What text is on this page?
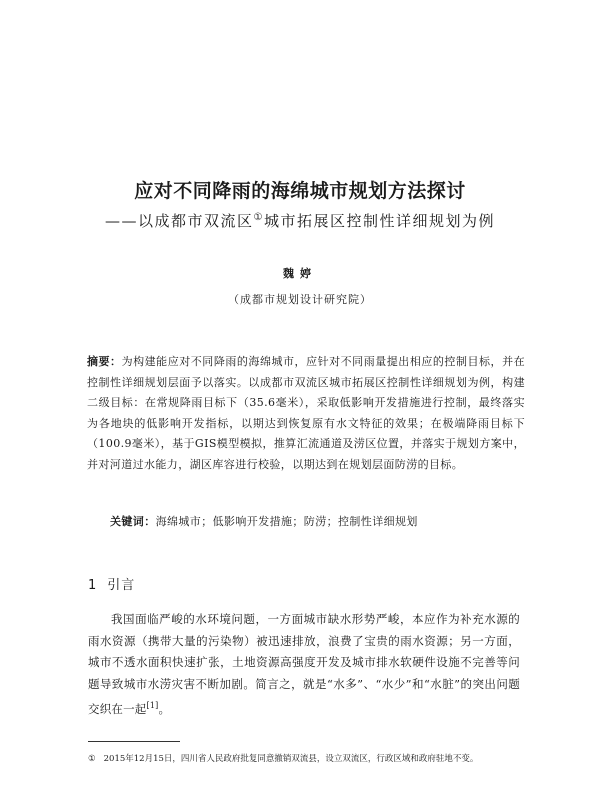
应对不同降雨的海绵城市规划方法探讨
——以成都市双流区①城市拓展区控制性详细规划为例
魏婷
（成都市规划设计研究院）

摘要：为构建能应对不同降雨的海绵城市，应针对不同雨量提出相应的控制目标，并在控制性详细规划层面予以落实。以成都市双流区城市拓展区控制性详细规划为例，构建二级目标：在常规降雨目标下（35.6毫米），采取低影响开发措施进行控制，最终落实为各地块的低影响开发指标，以期达到恢复原有水文特征的效果；在极端降雨目标下（100.9毫米），基于GIS模型模拟，推算汇流通道及涝区位置，并落实于规划方案中，并对河道过水能力，湖区库容进行校验，以期达到在规划层面防涝的目标。

关键词：海绵城市；低影响开发措施；防涝；控制性详细规划

1 引言

我国面临严峻的水环境问题，一方面城市缺水形势严峻，本应作为补充水源的雨水资源（携带大量的污染物）被迅速排放，浪费了宝贵的雨水资源；另一方面，城市不透水面积快速扩张，土地资源高强度开发及城市排水软硬件设施不完善等问题导致城市水涝灾害不断加剧。简言之，就是“水多”、“水少”和“水脏”的突出问题交织在一起[1]。

① 2015年12月15日，四川省人民政府批复同意撤销双流县，设立双流区，行政区域和政府驻地不变。
